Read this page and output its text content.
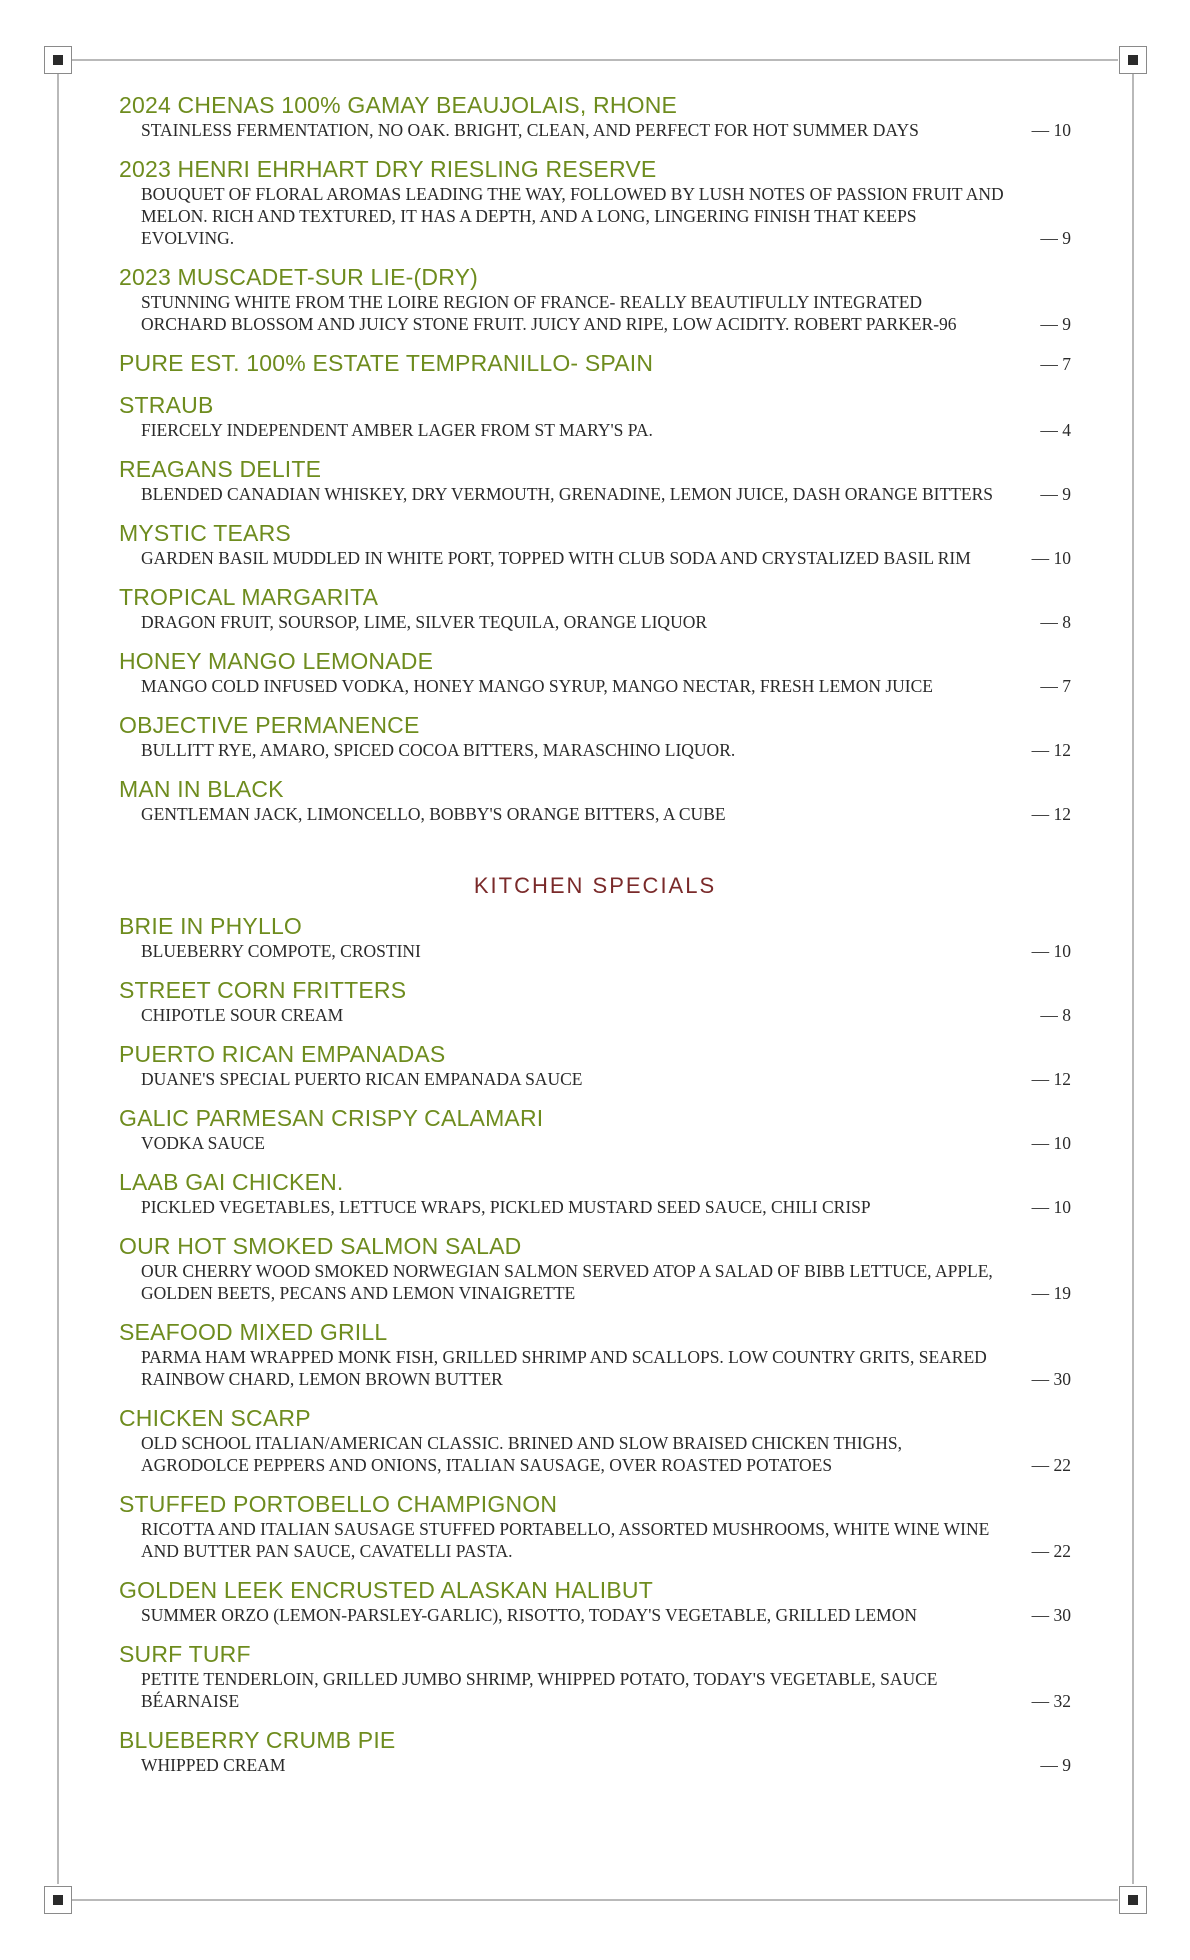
2024 CHENAS 100% GAMAY BEAUJOLAIS, RHONE
STAINLESS FERMENTATION, NO OAK. BRIGHT, CLEAN, AND PERFECT FOR HOT SUMMER DAYS	— 10
2023 HENRI EHRHART DRY RIESLING RESERVE
BOUQUET OF FLORAL AROMAS LEADING THE WAY, FOLLOWED BY LUSH NOTES OF PASSION FRUIT AND MELON. RICH AND TEXTURED, IT HAS A DEPTH, AND A LONG, LINGERING FINISH THAT KEEPS EVOLVING.	— 9
2023 MUSCADET-SUR LIE-(DRY)
STUNNING WHITE FROM THE LOIRE REGION OF FRANCE- REALLY BEAUTIFULLY INTEGRATED ORCHARD BLOSSOM AND JUICY STONE FRUIT. JUICY AND RIPE, LOW ACIDITY. ROBERT PARKER-96	— 9
PURE EST. 100% ESTATE TEMPRANILLO- SPAIN	— 7
STRAUB
FIERCELY INDEPENDENT AMBER LAGER FROM ST MARY'S PA.	— 4
REAGANS DELITE
BLENDED CANADIAN WHISKEY, DRY VERMOUTH, GRENADINE, LEMON JUICE, DASH ORANGE BITTERS	— 9
MYSTIC TEARS
GARDEN BASIL MUDDLED IN WHITE PORT, TOPPED WITH CLUB SODA AND CRYSTALIZED BASIL RIM	— 10
TROPICAL MARGARITA
DRAGON FRUIT, SOURSOP, LIME, SILVER TEQUILA, ORANGE LIQUOR	— 8
HONEY MANGO LEMONADE
MANGO COLD INFUSED VODKA, HONEY MANGO SYRUP, MANGO NECTAR, FRESH LEMON JUICE	— 7
OBJECTIVE PERMANENCE
BULLITT RYE, AMARO, SPICED COCOA BITTERS, MARASCHINO LIQUOR.	— 12
MAN IN BLACK
GENTLEMAN JACK, LIMONCELLO, BOBBY'S ORANGE BITTERS, A CUBE	— 12
KITCHEN SPECIALS
BRIE IN PHYLLO
BLUEBERRY COMPOTE, CROSTINI	— 10
STREET CORN FRITTERS
CHIPOTLE SOUR CREAM	— 8
PUERTO RICAN EMPANADAS
DUANE'S SPECIAL PUERTO RICAN EMPANADA SAUCE	— 12
GALIC PARMESAN CRISPY CALAMARI
VODKA SAUCE	— 10
LAAB GAI CHICKEN.
PICKLED VEGETABLES, LETTUCE WRAPS, PICKLED MUSTARD SEED SAUCE, CHILI CRISP	— 10
OUR HOT SMOKED SALMON SALAD
OUR CHERRY WOOD SMOKED NORWEGIAN SALMON SERVED ATOP A SALAD OF BIBB LETTUCE, APPLE, GOLDEN BEETS, PECANS AND LEMON VINAIGRETTE	— 19
SEAFOOD MIXED GRILL
PARMA HAM WRAPPED MONK FISH, GRILLED SHRIMP AND SCALLOPS. LOW COUNTRY GRITS, SEARED RAINBOW CHARD, LEMON BROWN BUTTER	— 30
CHICKEN SCARP
OLD SCHOOL ITALIAN/AMERICAN CLASSIC. BRINED AND SLOW BRAISED CHICKEN THIGHS, AGRODOLCE PEPPERS AND ONIONS, ITALIAN SAUSAGE, OVER ROASTED POTATOES	— 22
STUFFED PORTOBELLO CHAMPIGNON
RICOTTA AND ITALIAN SAUSAGE STUFFED PORTABELLO, ASSORTED MUSHROOMS, WHITE WINE WINE AND BUTTER PAN SAUCE, CAVATELLI PASTA.	— 22
GOLDEN LEEK ENCRUSTED ALASKAN HALIBUT
SUMMER ORZO (LEMON-PARSLEY-GARLIC), RISOTTO, TODAY'S VEGETABLE, GRILLED LEMON	— 30
SURF TURF
PETITE TENDERLOIN, GRILLED JUMBO SHRIMP, WHIPPED POTATO, TODAY'S VEGETABLE, SAUCE BÉARNAISE	— 32
BLUEBERRY CRUMB PIE
WHIPPED CREAM	— 9
